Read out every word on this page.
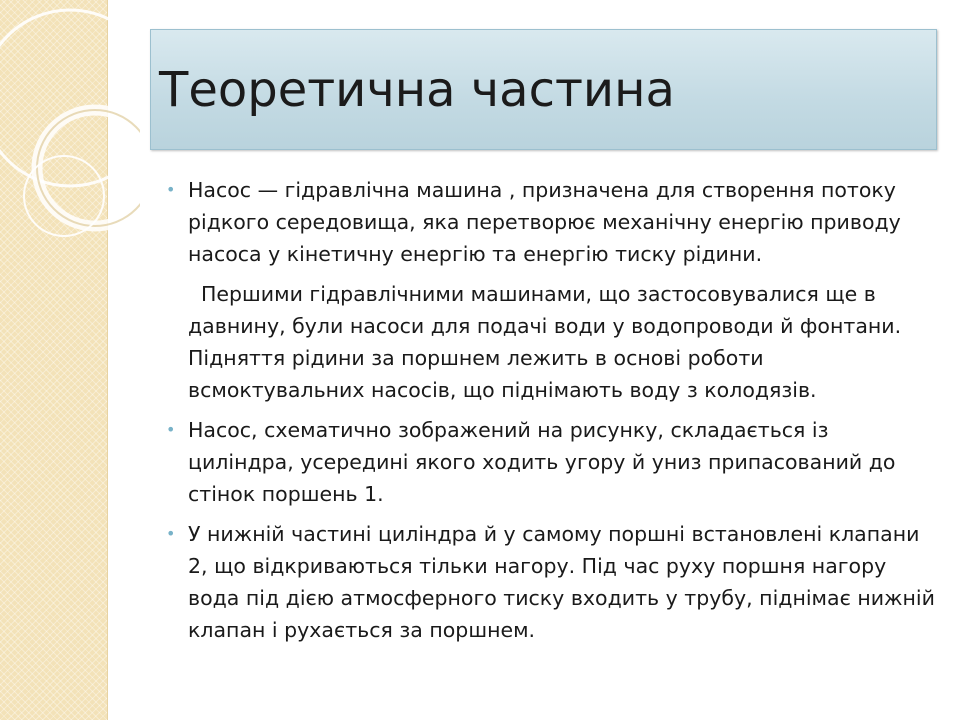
Теоретична частина
• Насос — гідравлічна машина , призначена для створення потоку рідкого середовища, яка перетворює механічну енергію приводу насоса у кінетичну енергію та енергію тиску рідини.
Першими гідравлічними машинами, що застосовувалися ще в давнину, були насоси для подачі води у водопроводи й фонтани. Підняття рідини за поршнем лежить в основі роботи всмоктувальних насосів, що піднімають воду з колодязів.
• Насос, схематично зображений на рисунку, складається із циліндра, усередині якого ходить угору й униз припасований до стінок поршень 1.
• У нижній частині циліндра й у самому поршні встановлені клапани 2, що відкриваються тільки нагору. Під час руху поршня нагору вода під дією атмосферного тиску входить у трубу, піднімає нижній клапан і рухається за поршнем.
